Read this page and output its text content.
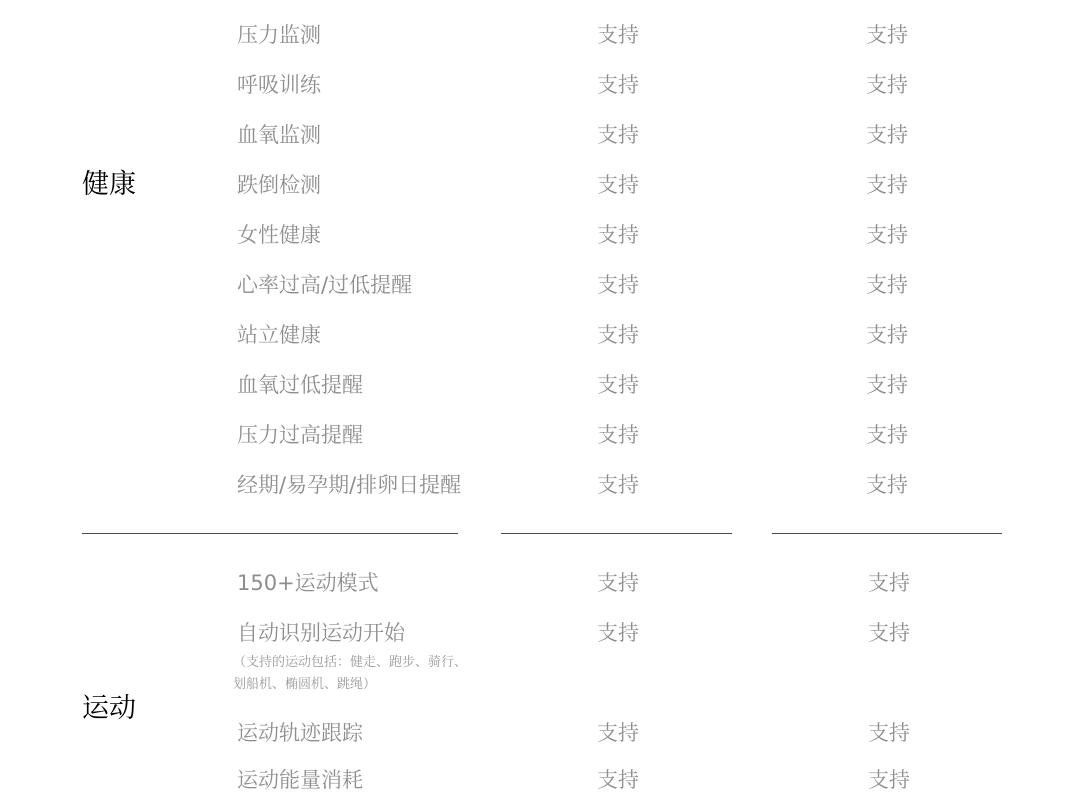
健康
压力监测	支持	支持
呼吸训练	支持	支持
血氧监测	支持	支持
跌倒检测	支持	支持
女性健康	支持	支持
心率过高/过低提醒	支持	支持
站立健康	支持	支持
血氧过低提醒	支持	支持
压力过高提醒	支持	支持
经期/易孕期/排卵日提醒	支持	支持
运动
150+运动模式	支持	支持
自动识别运动开始	支持	支持
（支持的运动包括：健走、跑步、骑行、
划船机、椭圆机、跳绳）
运动轨迹跟踪	支持	支持
运动能量消耗	支持	支持
